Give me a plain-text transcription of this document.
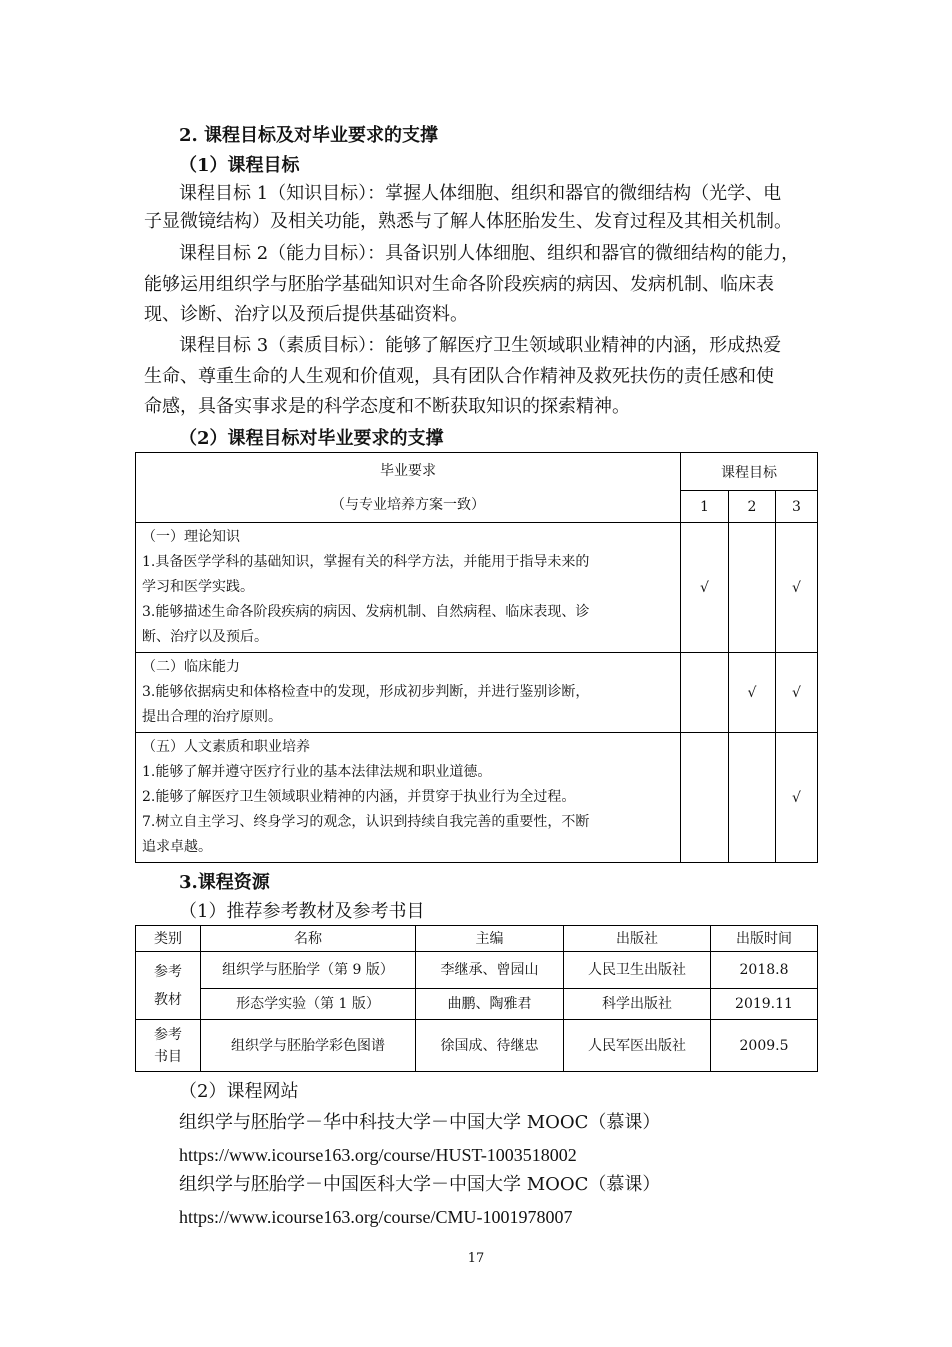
2. 课程目标及对毕业要求的支撑
（1）课程目标
课程目标 1（知识目标）：掌握人体细胞、组织和器官的微细结构（光学、电
子显微镜结构）及相关功能，熟悉与了解人体胚胎发生、发育过程及其相关机制。
课程目标 2（能力目标）：具备识别人体细胞、组织和器官的微细结构的能力，
能够运用组织学与胚胎学基础知识对生命各阶段疾病的病因、发病机制、临床表
现、诊断、治疗以及预后提供基础资料。
课程目标 3（素质目标）：能够了解医疗卫生领域职业精神的内涵，形成热爱
生命、尊重生命的人生观和价值观，具有团队合作精神及救死扶伤的责任感和使
命感，具备实事求是的科学态度和不断获取知识的探索精神。
（2）课程目标对毕业要求的支撑
毕业要求
（与专业培养方案一致）	课程目标		
	1	2	3

（一）理论知识
1.具备医学学科的基础知识，掌握有关的科学方法，并能用于指导未来的
学习和医学实践。
3.能够描述生命各阶段疾病的病因、发病机制、自然病程、临床表现、诊
断、治疗以及预后。	√		√

（二）临床能力
3.能够依据病史和体格检查中的发现，形成初步判断，并进行鉴别诊断，
提出合理的治疗原则。		√	√

（五）人文素质和职业培养
1.能够了解并遵守医疗行业的基本法律法规和职业道德。
2.能够了解医疗卫生领域职业精神的内涵，并贯穿于执业行为全过程。
7.树立自主学习、终身学习的观念，认识到持续自我完善的重要性，不断
追求卓越。			√
3.课程资源
（1）推荐参考教材及参考书目
类别	名称	主编	出版社	出版时间

参考
教材	组织学与胚胎学（第 9 版）	李继承、曾园山	人民卫生出版社	2018.8
	形态学实验（第 1 版）	曲鹏、陶雅君	科学出版社	2019.11

参考
书目	组织学与胚胎学彩色图谱	徐国成、待继忠	人民军医出版社	2009.5
（2）课程网站
组织学与胚胎学－华中科技大学－中国大学 MOOC（慕课）
https://www.icourse163.org/course/HUST-1003518002
组织学与胚胎学－中国医科大学－中国大学 MOOC（慕课）
https://www.icourse163.org/course/CMU-1001978007
17
